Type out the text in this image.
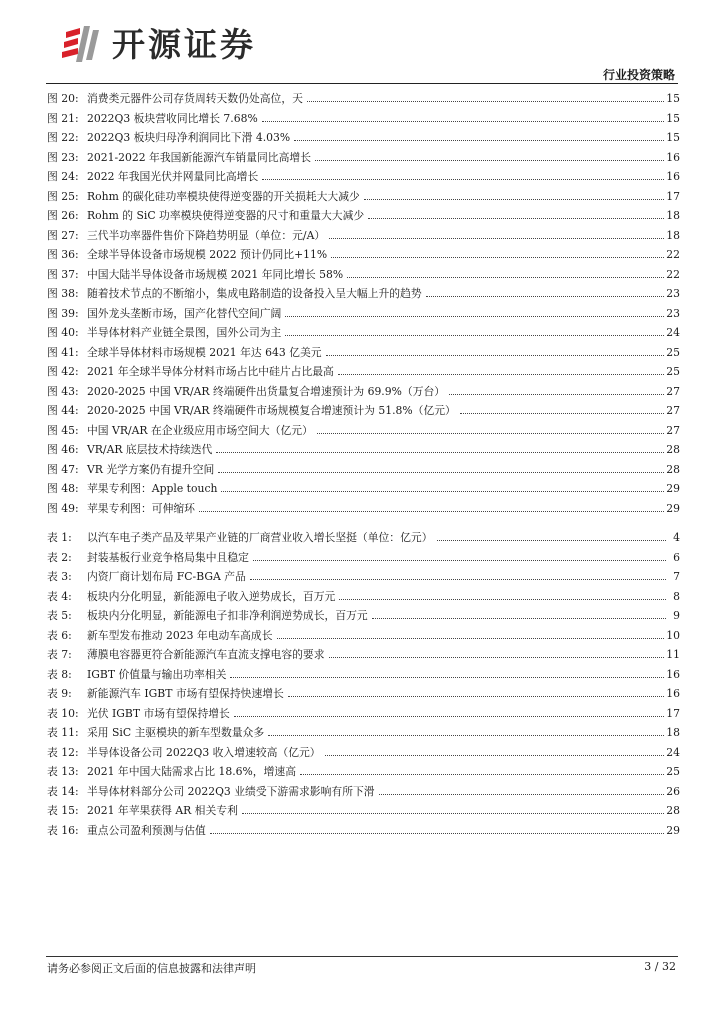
开源证券
行业投资策略
图 20: 消费类元器件公司存货周转天数仍处高位，天	15
图 21: 2022Q3 板块营收同比增长 7.68%	15
图 22: 2022Q3 板块归母净利润同比下滑 4.03%	15
图 23: 2021-2022 年我国新能源汽车销量同比高增长	16
图 24: 2022 年我国光伏并网量同比高增长	16
图 25: Rohm 的碳化硅功率模块使得逆变器的开关损耗大大减少	17
图 26: Rohm 的 SiC 功率模块使得逆变器的尺寸和重量大大减少	18
图 27: 三代半功率器件售价下降趋势明显（单位：元/A）	18
图 36: 全球半导体设备市场规模 2022 预计仍同比+11%	22
图 37: 中国大陆半导体设备市场规模 2021 年同比增长 58%	22
图 38: 随着技术节点的不断缩小，集成电路制造的设备投入呈大幅上升的趋势	23
图 39: 国外龙头垄断市场，国产化替代空间广阔	23
图 40: 半导体材料产业链全景图，国外公司为主	24
图 41: 全球半导体材料市场规模 2021 年达 643 亿美元	25
图 42: 2021 年全球半导体分材料市场占比中硅片占比最高	25
图 43: 2020-2025 中国 VR/AR 终端硬件出货量复合增速预计为 69.9%（万台）	27
图 44: 2020-2025 中国 VR/AR 终端硬件市场规模复合增速预计为 51.8%（亿元）	27
图 45: 中国 VR/AR 在企业级应用市场空间大（亿元）	27
图 46: VR/AR 底层技术持续迭代	28
图 47: VR 光学方案仍有提升空间	28
图 48: 苹果专利图：Apple touch	29
图 49: 苹果专利图：可伸缩环	29
表 1:	以汽车电子类产品及苹果产业链的厂商营业收入增长坚挺（单位：亿元）	4
表 2:	封装基板行业竞争格局集中且稳定	6
表 3:	内资厂商计划布局 FC-BGA 产品	7
表 4:	板块内分化明显，新能源电子收入逆势成长，百万元	8
表 5:	板块内分化明显，新能源电子扣非净利润逆势成长，百万元	9
表 6:	新车型发布推动 2023 年电动车高成长	10
表 7:	薄膜电容器更符合新能源汽车直流支撑电容的要求	11
表 8:	IGBT 价值量与输出功率相关	16
表 9:	新能源汽车 IGBT 市场有望保持快速增长	16
表 10: 光伏 IGBT 市场有望保持增长	17
表 11: 采用 SiC 主驱模块的新车型数量众多	18
表 12: 半导体设备公司 2022Q3 收入增速较高（亿元）	24
表 13: 2021 年中国大陆需求占比 18.6%，增速高	25
表 14: 半导体材料部分公司 2022Q3 业绩受下游需求影响有所下滑	26
表 15: 2021 年苹果获得 AR 相关专利	28
表 16: 重点公司盈利预测与估值	29
请务必参阅正文后面的信息披露和法律声明	3 / 32
